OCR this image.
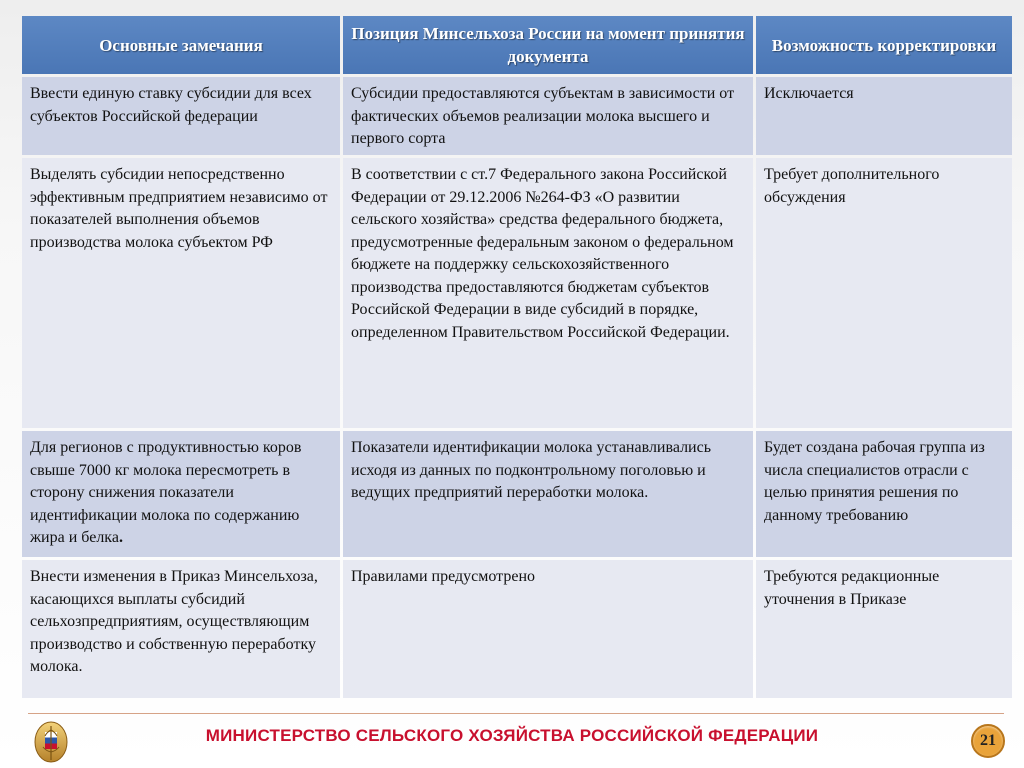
Основные замечания	Позиция Минсельхоза России на момент принятия документа	Возможность корректировки
Ввести единую ставку субсидии для всех субъектов Российской федерации	Субсидии предоставляются субъектам в зависимости от фактических объемов реализации молока высшего и первого сорта	Исключается
Выделять субсидии непосредственно эффективным предприятием независимо от показателей выполнения объемов производства молока субъектом РФ	В соответствии с ст.7 Федерального закона Российской Федерации от 29.12.2006 №264-ФЗ «О развитии сельского хозяйства» средства федерального бюджета, предусмотренные федеральным законом о федеральном бюджете на поддержку сельскохозяйственного производства предоставляются бюджетам субъектов Российской Федерации в виде субсидий в порядке, определенном Правительством Российской Федерации.	Требует дополнительного обсуждения
Для регионов с продуктивностью коров свыше 7000 кг молока пересмотреть в сторону снижения показатели идентификации молока по содержанию жира и белка.	Показатели идентификации молока устанавливались исходя из данных по подконтрольному поголовью и ведущих предприятий переработки молока.	Будет создана рабочая группа из числа специалистов отрасли с целью принятия решения по данному требованию
Внести изменения в Приказ Минсельхоза, касающихся выплаты субсидий сельхозпредприятиям, осуществляющим производство и собственную переработку молока.	Правилами предусмотрено	Требуются редакционные уточнения в Приказе
МИНИСТЕРСТВО СЕЛЬСКОГО ХОЗЯЙСТВА РОССИЙСКОЙ ФЕДЕРАЦИИ	21
